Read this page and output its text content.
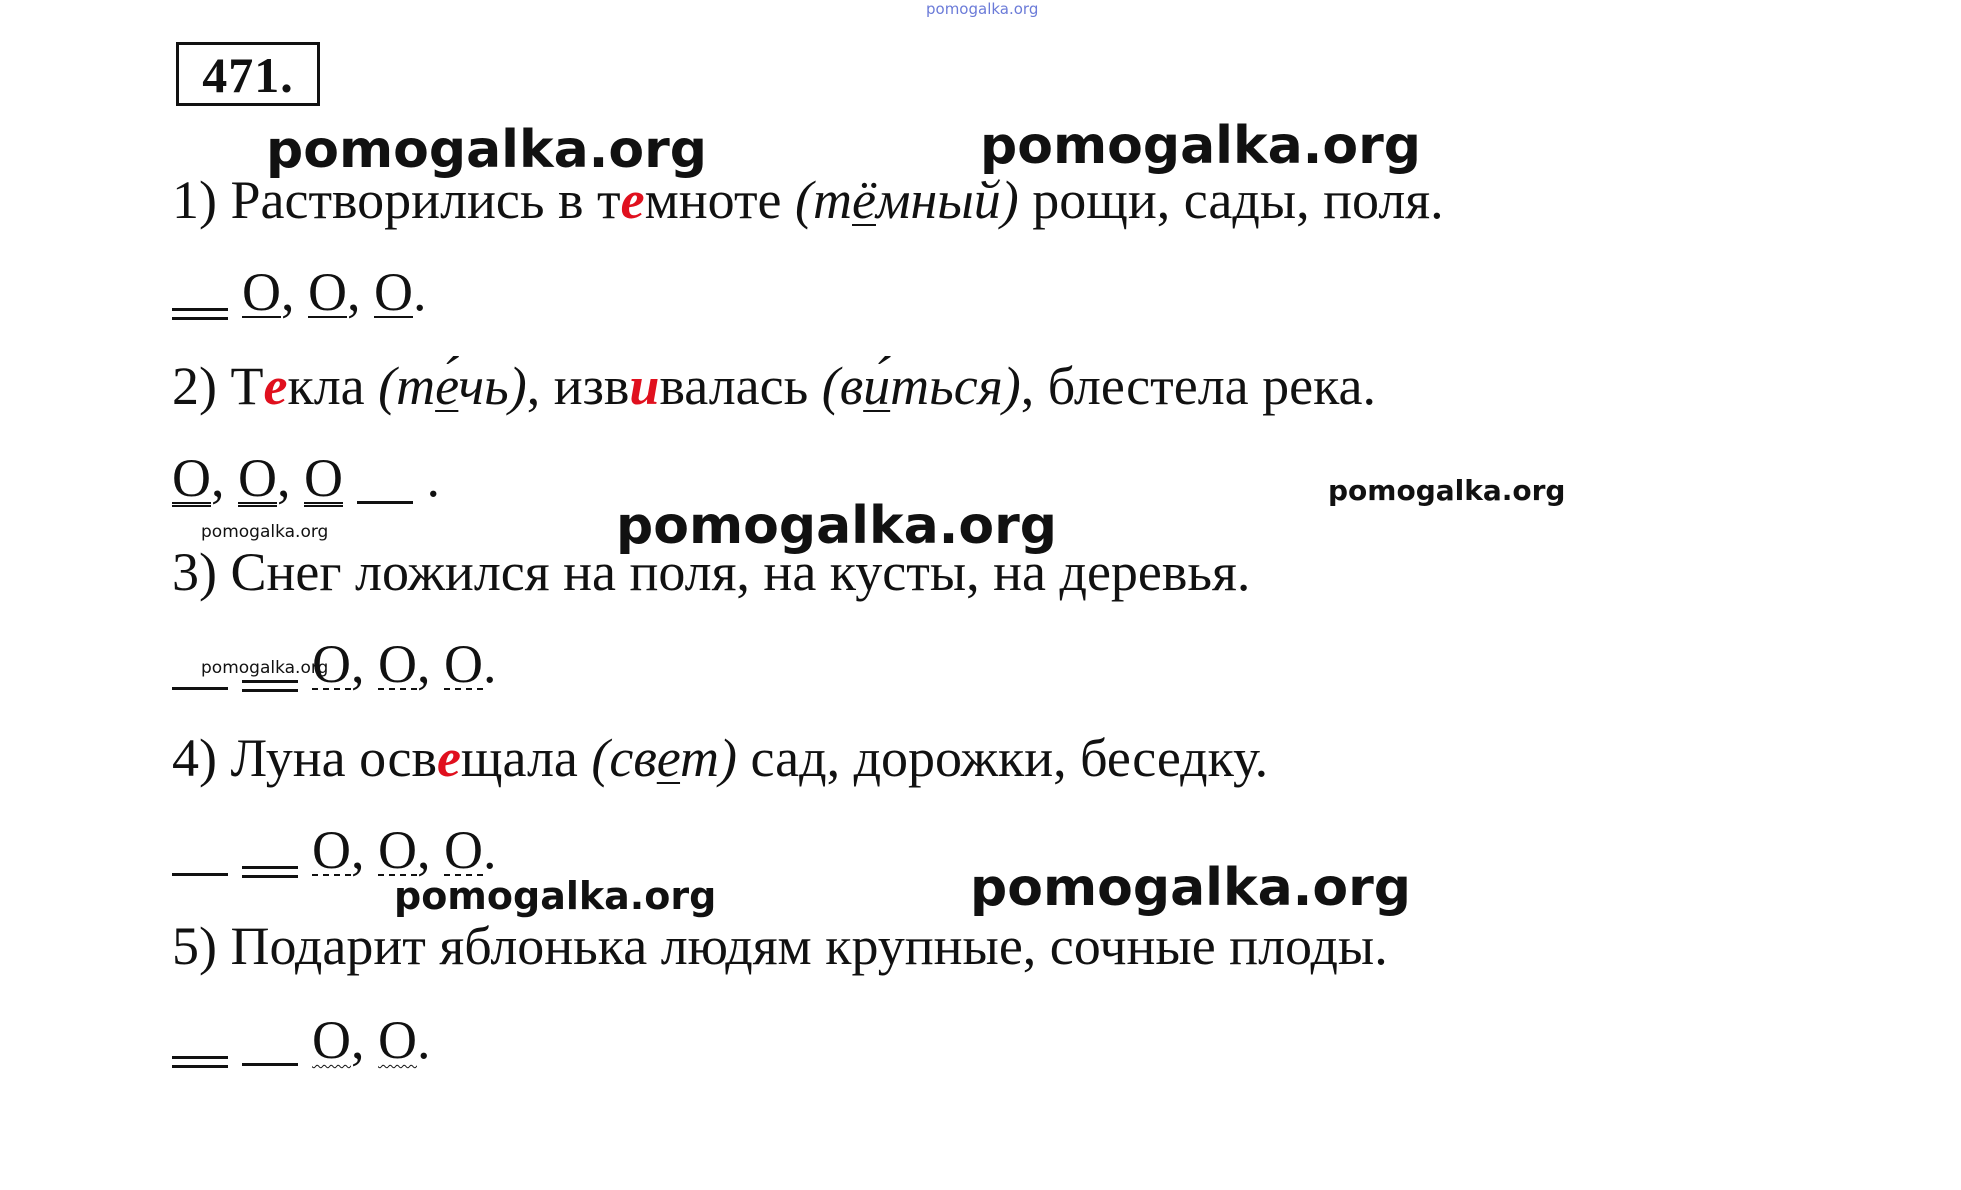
pomogalka.org
pomogalka.org	pomogalka.org
pomogalka.org
pomogalka.org	pomogalka.org
pomogalka.org
pomogalka.org	pomogalka.org
471.
1) Растворились в темноте (тёмный) рощи, сады, поля.
О, О, О.
2) Текла (те́чь), извивалась (ви́ться), блестела река.
О, О, О .
3) Снег ложился на поля, на кусты, на деревья.
О, О, О.
4) Луна освещала (свет) сад, дорожки, беседку.
О, О, О.
5) Подарит яблонька людям крупные, сочные плоды.
О, О.
